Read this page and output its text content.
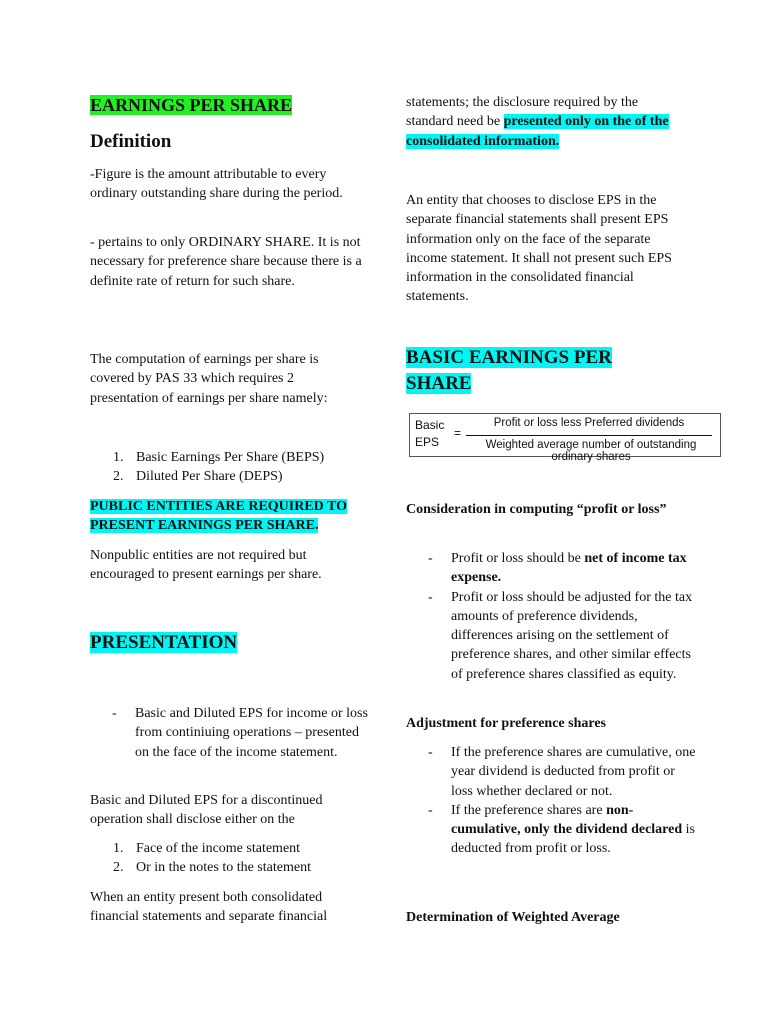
EARNINGS PER SHARE
Definition

-Figure is the amount attributable to every ordinary outstanding share during the period.

- pertains to only ORDINARY SHARE. It is not necessary for preference share because there is a definite rate of return for such share.

The computation of earnings per share is covered by PAS 33 which requires 2 presentation of earnings per share namely:

1. Basic Earnings Per Share (BEPS)
2. Diluted Per Share (DEPS)

PUBLIC ENTITIES ARE REQUIRED TO PRESENT EARNINGS PER SHARE.

Nonpublic entities are not required but encouraged to present earnings per share.

PRESENTATION
- Basic and Diluted EPS for income or loss from continiuing operations – presented on the face of the income statement.

Basic and Diluted EPS for a discontinued operation shall disclose either on the

1. Face of the income statement
2. Or in the notes to the statement

When an entity present both consolidated financial statements and separate financial

statements; the disclosure required by the standard need be presented only on the of the consolidated information.

An entity that chooses to disclose EPS in the separate financial statements shall present EPS information only on the face of the separate income statement. It shall not present such EPS information in the consolidated financial statements.

BASIC EARNINGS PER
SHARE
Basic
EPS
=
Profit or loss less Preferred dividends
Weighted average number of outstanding ordinary shares

Consideration in computing “profit or loss”

- Profit or loss should be net of income tax expense.
- Profit or loss should be adjusted for the tax amounts of preference dividends, differences arising on the settlement of preference shares, and other similar effects of preference shares classified as equity.

Adjustment for preference shares

- If the preference shares are cumulative, one year dividend is deducted from profit or loss whether declared or not.
- If the preference shares are non-cumulative, only the dividend declared is deducted from profit or loss.

Determination of Weighted Average
